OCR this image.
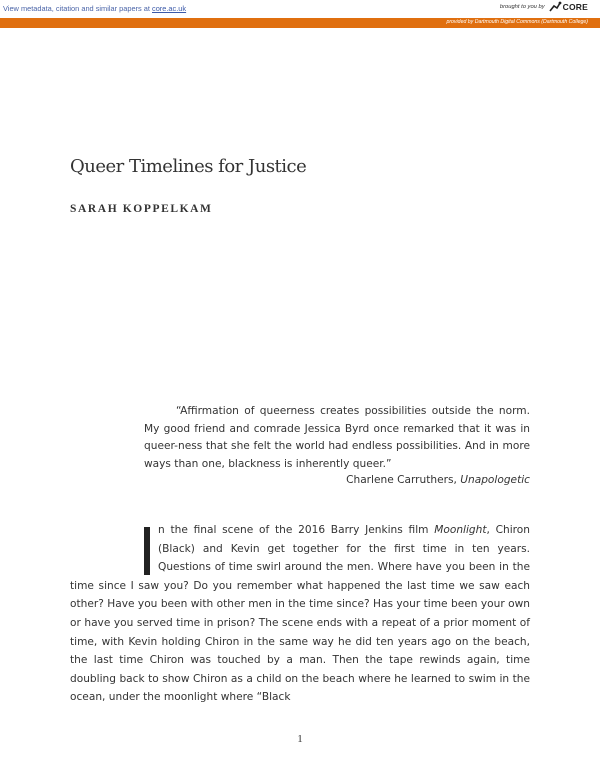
View metadata, citation and similar papers at core.ac.uk	brought to you by CORE
provided by Dartmouth Digital Commons (Dartmouth College)
Queer Timelines for Justice
SARAH KOPPELKAM
“Affirmation of queerness creates possibilities outside the norm. My good friend and comrade Jessica Byrd once remarked that it was in queer-ness that she felt the world had endless possibilities. And in more ways than one, blackness is inherently queer.”
Charlene Carruthers, Unapologetic
n the final scene of the 2016 Barry Jenkins film Moonlight, Chiron (Black) and Kevin get together for the first time in ten years. Questions of time swirl around the men. Where have you been in the time since I saw you? Do you remember what happened the last time we saw each other? Have you been with other men in the time since? Has your time been your own or have you served time in prison? The scene ends with a repeat of a prior moment of time, with Kevin holding Chiron in the same way he did ten years ago on the beach, the last time Chiron was touched by a man. Then the tape rewinds again, time doubling back to show Chiron as a child on the beach where he learned to swim in the ocean, under the moonlight where “Black
1
